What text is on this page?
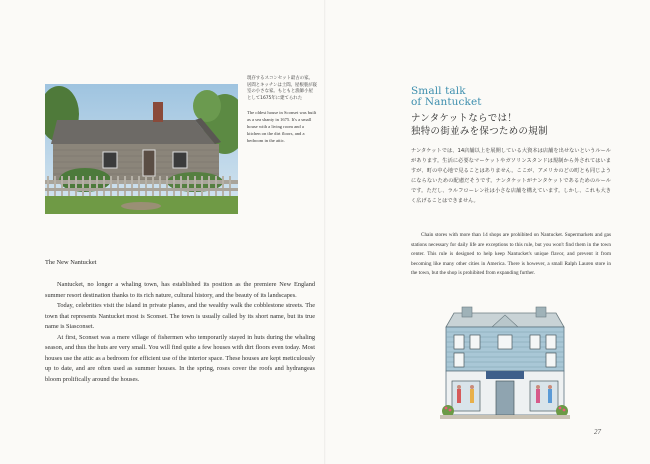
現存するスコンセット最古の家。居間とキッチンは土間。屋根裏が寝室の小さな家。もともと漁師小屋として1675年に建てられた
The oldest house in Sconset was built as a sea shanty in 1675. It's a small house with a living room and a kitchen on the dirt floors, and a bedroom in the attic.
The New Nantucket

Nantucket, no longer a whaling town, has established its position as the premiere New England summer resort destination thanks to its rich nature, cultural history, and the beauty of its landscapes.

Today, celebrities visit the island in private planes, and the wealthy walk the cobblestone streets. The town that represents Nantucket most is Sconset. The town is usually called by its short name, but its true name is Siasconset.

At first, Sconset was a mere village of fishermen who temporarily stayed in huts during the whaling season, and thus the huts are very small. You will find quite a few houses with dirt floors even today. Most houses use the attic as a bedroom for efficient use of the interior space. These houses are kept meticulously up to date, and are often used as summer houses. In the spring, roses cover the roofs and hydrangeas bloom prolifically around the houses.

Small talk
of Nantucket
ナンタケットならでは！
独特の街並みを保つための規制
ナンタケットでは、14店舗以上を展開している大資本は店舗を出せないというルールがあります。生活に必要なマーケットやガソリンスタンドは規制から外されてはいますが、町の中心地で見ることはありません。ここが、アメリカのどの町とも同じようにならないための配慮だそうです。ナンタケットがナンタケットであるためのルールです。ただし、ラルフローレン社は小さな店舗を構えています。しかし、これも大きく広げることはできません。

Chain stores with more than 14 shops are prohibited on Nantucket. Supermarkets and gas stations necessary for daily life are exceptions to this rule, but you won't find them in the town center. This rule is designed to help keep Nantucket's unique flavor, and prevent it from becoming like many other cities in America. There is however, a small Ralph Lauren store in the town, but the shop is prohibited from expanding further.

27
